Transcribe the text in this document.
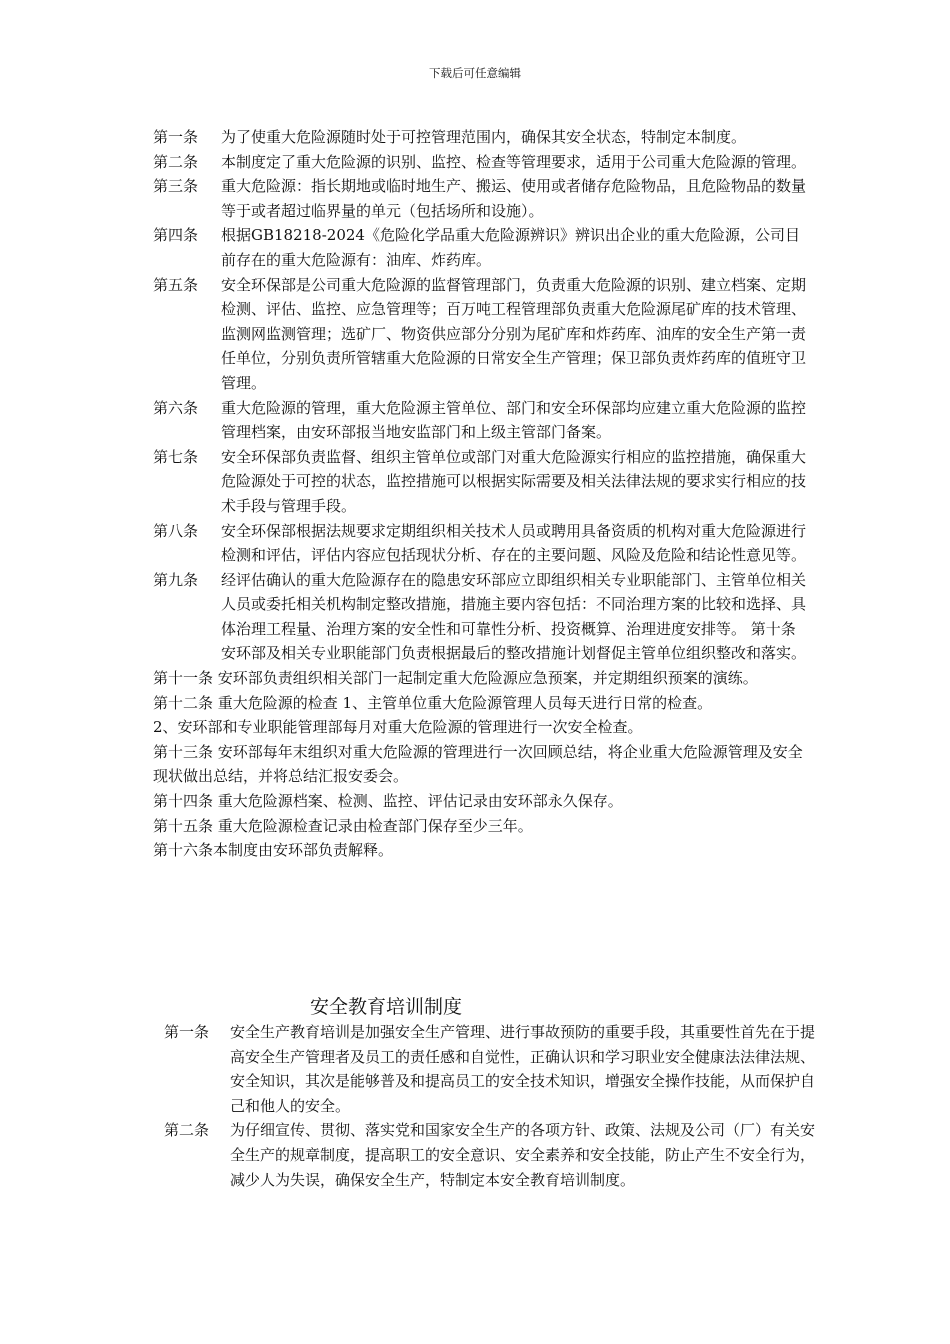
下载后可任意编辑
第一条	为了使重大危险源随时处于可控管理范围内，确保其安全状态，特制定本制度。
第二条	本制度定了重大危险源的识别、监控、检查等管理要求，适用于公司重大危险源的管理。
第三条	重大危险源：指长期地或临时地生产、搬运、使用或者储存危险物品，且危险物品的数量等于或者超过临界量的单元（包括场所和设施）。
第四条	根据GB18218-2024《危险化学品重大危险源辨识》辨识出企业的重大危险源，公司目前存在的重大危险源有：油库、炸药库。
第五条	安全环保部是公司重大危险源的监督管理部门，负责重大危险源的识别、建立档案、定期检测、评估、监控、应急管理等；百万吨工程管理部负责重大危险源尾矿库的技术管理、监测网监测管理；选矿厂、物资供应部分分别为尾矿库和炸药库、油库的安全生产第一责任单位，分别负责所管辖重大危险源的日常安全生产管理；保卫部负责炸药库的值班守卫管理。
第六条	重大危险源的管理，重大危险源主管单位、部门和安全环保部均应建立重大危险源的监控管理档案，由安环部报当地安监部门和上级主管部门备案。
第七条	安全环保部负责监督、组织主管单位或部门对重大危险源实行相应的监控措施，确保重大危险源处于可控的状态，监控措施可以根据实际需要及相关法律法规的要求实行相应的技术手段与管理手段。
第八条	安全环保部根据法规要求定期组织相关技术人员或聘用具备资质的机构对重大危险源进行检测和评估，评估内容应包括现状分析、存在的主要问题、风险及危险和结论性意见等。
第九条	经评估确认的重大危险源存在的隐患安环部应立即组织相关专业职能部门、主管单位相关人员或委托相关机构制定整改措施，措施主要内容包括：不同治理方案的比较和选择、具体治理工程量、治理方案的安全性和可靠性分析、投资概算、治理进度安排等。 第十条 安环部及相关专业职能部门负责根据最后的整改措施计划督促主管单位组织整改和落实。
第十一条 安环部负责组织相关部门一起制定重大危险源应急预案，并定期组织预案的演练。
第十二条 重大危险源的检查 1、主管单位重大危险源管理人员每天进行日常的检查。
2、安环部和专业职能管理部每月对重大危险源的管理进行一次安全检查。
第十三条 安环部每年末组织对重大危险源的管理进行一次回顾总结，将企业重大危险源管理及安全现状做出总结，并将总结汇报安委会。
第十四条 重大危险源档案、检测、监控、评估记录由安环部永久保存。
第十五条 重大危险源检查记录由检查部门保存至少三年。
第十六条本制度由安环部负责解释。
安全教育培训制度
第一条	安全生产教育培训是加强安全生产管理、进行事故预防的重要手段，其重要性首先在于提高安全生产管理者及员工的责任感和自觉性，正确认识和学习职业安全健康法法律法规、安全知识，其次是能够普及和提高员工的安全技术知识，增强安全操作技能，从而保护自己和他人的安全。
第二条	为仔细宣传、贯彻、落实党和国家安全生产的各项方针、政策、法规及公司（厂）有关安全生产的规章制度，提高职工的安全意识、安全素养和安全技能，防止产生不安全行为，减少人为失误，确保安全生产，特制定本安全教育培训制度。
